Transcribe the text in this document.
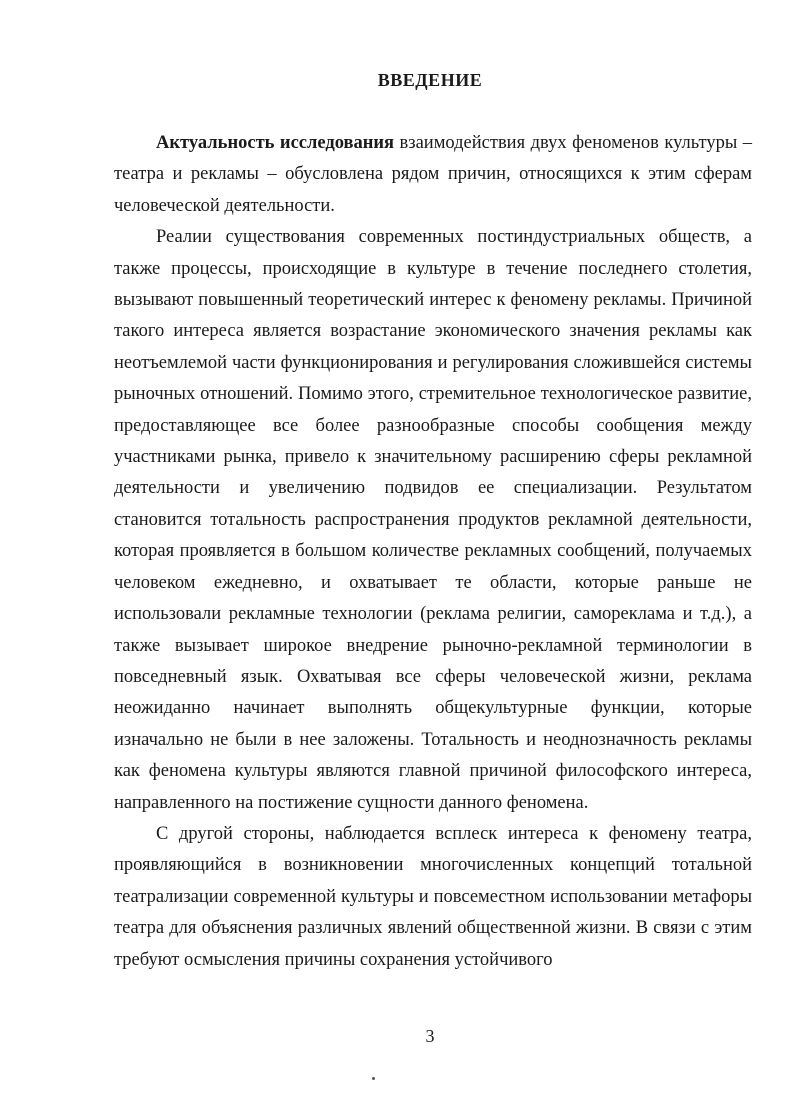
ВВЕДЕНИЕ

Актуальность исследования взаимодействия двух феноменов культуры – театра и рекламы – обусловлена рядом причин, относящихся к этим сферам человеческой деятельности.

Реалии существования современных постиндустриальных обществ, а также процессы, происходящие в культуре в течение последнего столетия, вызывают повышенный теоретический интерес к феномену рекламы. Причиной такого интереса является возрастание экономического значения рекламы как неотъемлемой части функционирования и регулирования сложившейся системы рыночных отношений. Помимо этого, стремительное технологическое развитие, предоставляющее все более разнообразные способы сообщения между участниками рынка, привело к значительному расширению сферы рекламной деятельности и увеличению подвидов ее специализации. Результатом становится тотальность распространения продуктов рекламной деятельности, которая проявляется в большом количестве рекламных сообщений, получаемых человеком ежедневно, и охватывает те области, которые раньше не использовали рекламные технологии (реклама религии, самореклама и т.д.), а также вызывает широкое внедрение рыночно-рекламной терминологии в повседневный язык. Охватывая все сферы человеческой жизни, реклама неожиданно начинает выполнять общекультурные функции, которые изначально не были в нее заложены. Тотальность и неоднозначность рекламы как феномена культуры являются главной причиной философского интереса, направленного на постижение сущности данного феномена.

С другой стороны, наблюдается всплеск интереса к феномену театра, проявляющийся в возникновении многочисленных концепций тотальной театрализации современной культуры и повсеместном использовании метафоры театра для объяснения различных явлений общественной жизни. В связи с этим требуют осмысления причины сохранения устойчивого

3
